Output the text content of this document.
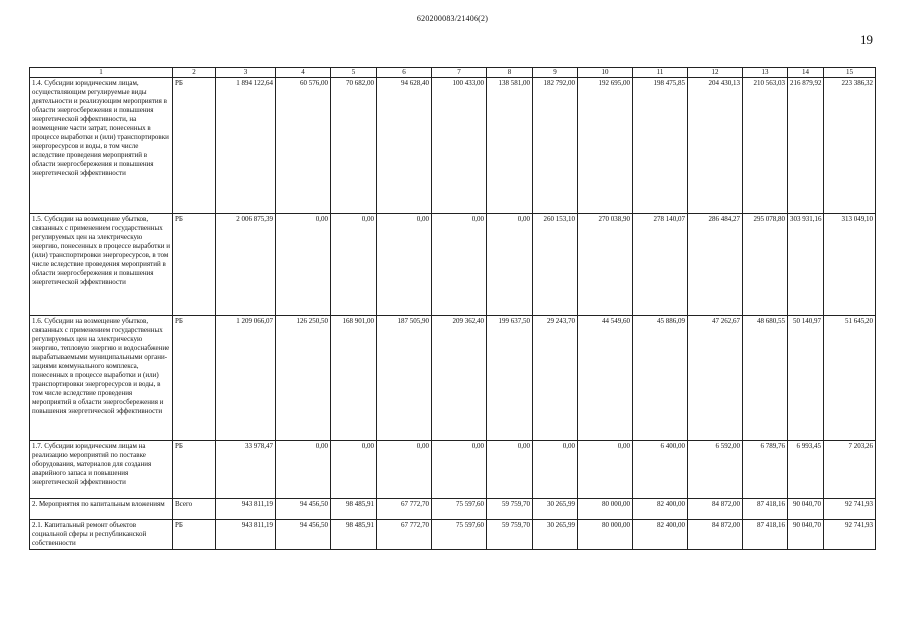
620200083/21406(2)
19
1	2	3	4	5	6	7	8	9	10	11	12	13	14	15
1.4. Субсидии юридическим лицам, осуществляющим регулируемые виды деятельности и реализующим мероприятия в области энергосбережения и повышения энергетической эффективности, на возмещение части затрат, понесенных в процессе выработки и (или) транспортировки энергоресурсов и воды, в том числе вследствие проведения мероприятий в области энергосбережения и повышения энергетической эффективности	РБ	1 894 122,64	60 576,00	70 682,00	94 628,40	100 433,00	138 581,00	182 792,00	192 695,00	198 475,85	204 430,13	210 563,03	216 879,92	223 386,32
1.5. Субсидии на возмещение убытков, связанных с применением государственных регулируемых цен на электрическую энергию, понесенных в процессе выработки и (или) транспортировки энергоресурсов, в том числе вследствие проведения мероприятий в области энергосбережения и повышения энергетической эффективности	РБ	2 006 875,39	0,00	0,00	0,00	0,00	0,00	260 153,10	270 038,90	278 140,07	286 484,27	295 078,80	303 931,16	313 049,10
1.6. Субсидии на возмещение убытков, связанных с применением государственных регулируемых цен на электрическую энергию, тепловую энергию и водоснабжение вырабатываемыми муниципальными организациями коммунального комплекса, понесенных в процессе выработки и (или) транспортировки энергоресурсов и воды, в том числе вследствие проведения мероприятий в области энергосбережения и повышения энергетической эффективности	РБ	1 209 066,07	126 250,50	168 901,00	187 505,90	209 362,40	199 637,50	29 243,70	44 549,60	45 886,09	47 262,67	48 680,55	50 140,97	51 645,20
1.7. Субсидии юридическим лицам на реализацию мероприятий по поставке оборудования, материалов для создания аварийного запаса и повышения энергетической эффективности	РБ	33 978,47	0,00	0,00	0,00	0,00	0,00	0,00	0,00	6 400,00	6 592,00	6 789,76	6 993,45	7 203,26
2. Мероприятия по капитальным вложениям	Всего	943 811,19	94 456,50	98 485,91	67 772,70	75 597,60	59 759,70	30 265,99	80 000,00	82 400,00	84 872,00	87 418,16	90 040,70	92 741,93
2.1. Капитальный ремонт объектов социальной сферы и республиканской собственности	РБ	943 811,19	94 456,50	98 485,91	67 772,70	75 597,60	59 759,70	30 265,99	80 000,00	82 400,00	84 872,00	87 418,16	90 040,70	92 741,93
